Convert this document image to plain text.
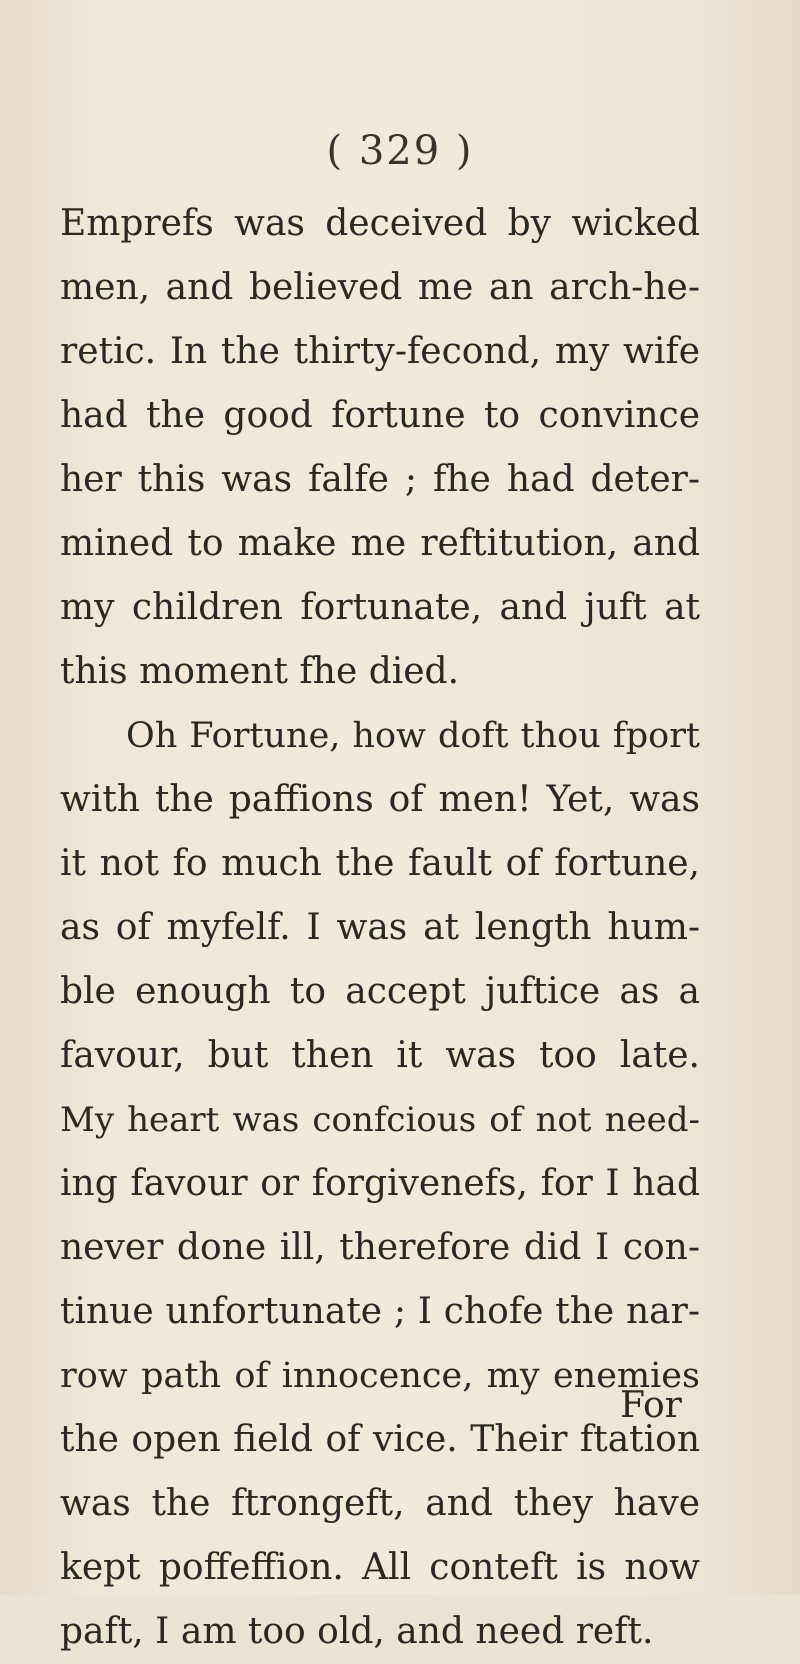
( 329 )
Emprefs was deceived by wicked
men, and believed me an arch-he-
retic. In the thirty-fecond, my wife
had the good fortune to convince
her this was falfe ; fhe had deter-
mined to make me reftitution, and
my children fortunate, and juft at
this moment fhe died.
Oh Fortune, how doft thou fport
with the paffions of men! Yet, was
it not fo much the fault of fortune,
as of myfelf. I was at length hum-
ble enough to accept juftice as a
favour, but then it was too late.
My heart was confcious of not need-
ing favour or forgivenefs, for I had
never done ill, therefore did I con-
tinue unfortunate ; I chofe the nar-
row path of innocence, my enemies
the open field of vice. Their ftation
was the ftrongeft, and they have
kept poffeffion. All conteft is now
paft, I am too old, and need reft.
For
